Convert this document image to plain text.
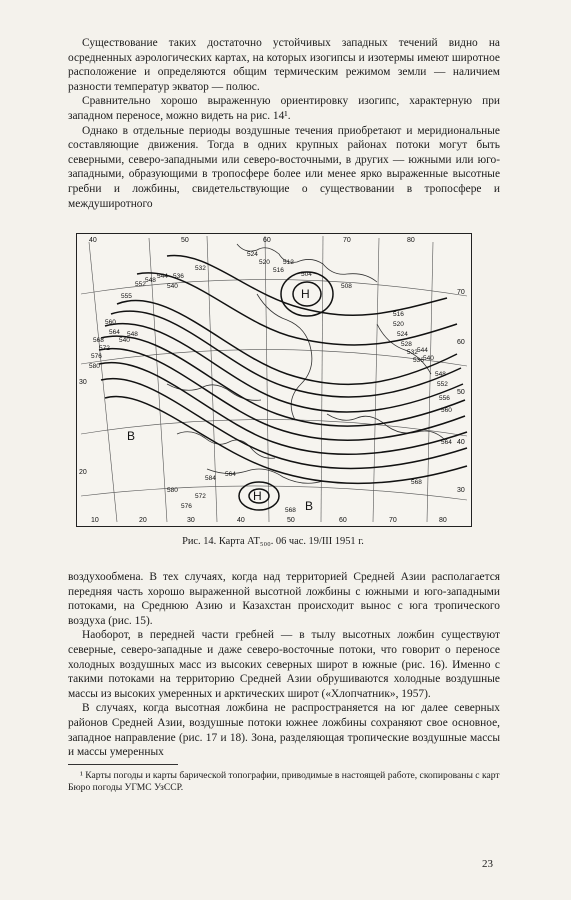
Существование таких достаточно устойчивых западных течений видно на осредненных аэрологических картах, на которых изогипсы и изотермы имеют широтное расположение и определяются общим термическим режимом земли — наличием разности температур экватор — полюс.

Сравнительно хорошо выраженную ориентировку изогипс, характерную при западном переносе, можно видеть на рис. 14¹.

Однако в отдельные периоды воздушные течения приобретают и меридиональные составляющие движения. Тогда в одних крупных районах потоки могут быть северными, северо-западными или северо-восточными, в других — южными или юго-западными, образующими в тропосфере более или менее ярко выраженные высотные гребни и ложбины, свидетельствующие о существовании в тропосфере и междуширотного

40	50	60	70	80
30
20
70
60
50
40
30
10	20	30	40	50	60	70	80
524
532
520
516
512
504
508
536
540
544
548
552
555
560
564
568
572
576
580
548
540
584
516
520
524
528
532
536 540
544
548
552
556
560
564
568
580
572
576
564
568
Н
В
Н
В
Рис. 14. Карта AT₅₀₀. 06 час. 19/III 1951 г.

воздухообмена. В тех случаях, когда над территорией Средней Азии располагается передняя часть хорошо выраженной высотной ложбины с южными и юго-западными потоками, на Среднюю Азию и Казахстан происходит вынос с юга тропического воздуха (рис. 15).

Наоборот, в передней части гребней — в тылу высотных ложбин существуют северные, северо-западные и даже северо-восточные потоки, что говорит о переносе холодных воздушных масс из высоких северных широт в южные (рис. 16). Именно с такими потоками на территорию Средней Азии обрушиваются холодные воздушные массы из высоких умеренных и арктических широт («Хлопчатник», 1957).

В случаях, когда высотная ложбина не распространяется на юг далее северных районов Средней Азии, воздушные потоки южнее ложбины сохраняют свое основное, западное направление (рис. 17 и 18). Зона, разделяющая тропические воздушные массы и массы умеренных

¹ Карты погоды и карты барической топографии, приводимые в настоящей работе, скопированы с карт Бюро погоды УГМС УзССР.

23
